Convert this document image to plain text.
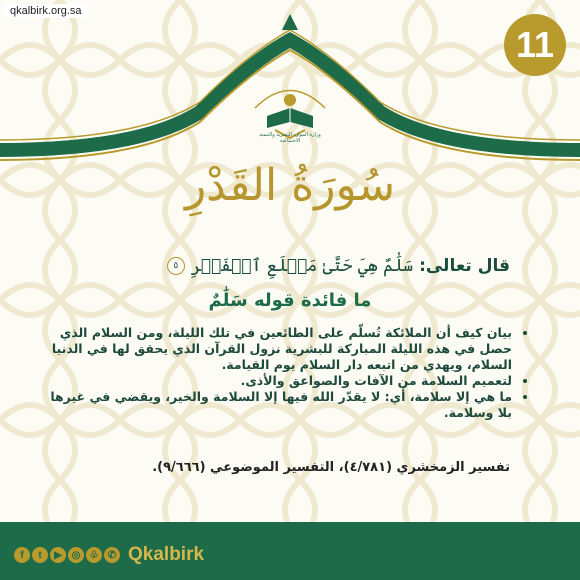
qkalbirk.org.sa
11
وزارة الموارد البشرية والتنمية الاجتماعية
سُورَةُ القَدْرِ
قال تعالى:
سَلَٰمٌ هِيَ حَتَّىٰ مَطۡلَعِ ٱلۡفَجۡرِ
٥
ما فائدة قوله سَلَٰمٌ
• بيان كيف أن الملائكة تُسلّم على الطائعين في تلك الليلة، ومن السلام الذي حصل في هذه الليلة المباركة للبشرية نزول القرآن الذي يحقق لها في الدنيا السلام، ويهدي من اتبعه دار السلام يوم القيامة.
• لتعميم السلامة من الآفات والصواعق والأذى.
• ما هي إلا سلامة، أي: لا يقدّر الله فيها إلا السلامة والخير، ويقضي في غيرها بلا وسلامة.
تفسير الزمخشري (٤/٧٨١)، التفسير الموضوعي (٩/٦٦٦).
f	t	▶ ◎ ♧ ✆ Qkalbirk
